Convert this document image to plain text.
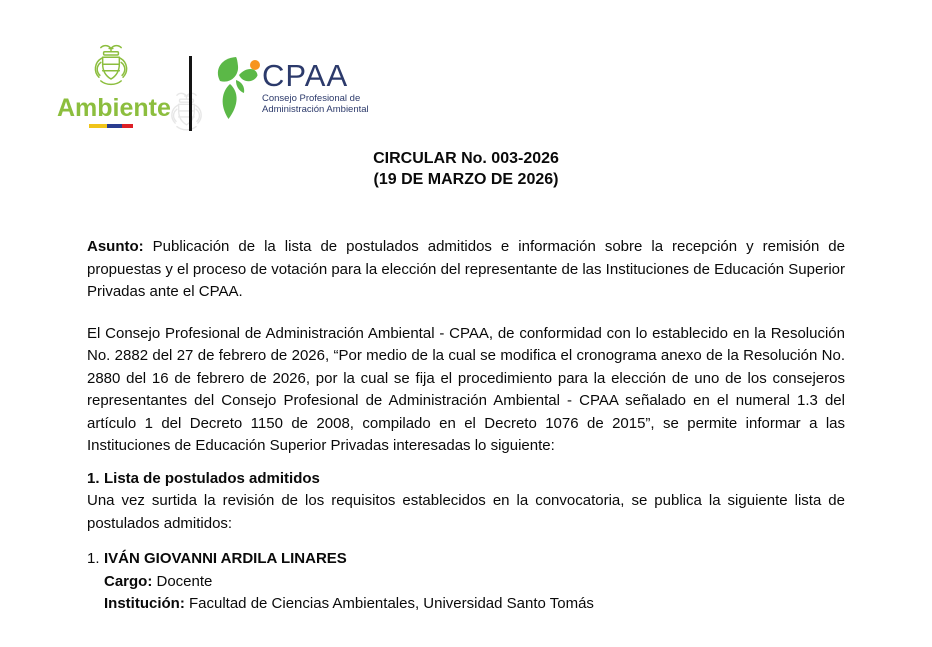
Ambiente
CPAA
Consejo Profesional de
Administración Ambiental
CIRCULAR No. 003-2026
(19 DE MARZO DE 2026)

Asunto: Publicación de la lista de postulados admitidos e información sobre la recepción y remisión de propuestas y el proceso de votación para la elección del representante de las Instituciones de Educación Superior Privadas ante el CPAA.

El Consejo Profesional de Administración Ambiental - CPAA, de conformidad con lo establecido en la Resolución No. 2882 del 27 de febrero de 2026, “Por medio de la cual se modifica el cronograma anexo de la Resolución No. 2880 del 16 de febrero de 2026, por la cual se fija el procedimiento para la elección de uno de los consejeros representantes del Consejo Profesional de Administración Ambiental - CPAA señalado en el numeral 1.3 del artículo 1 del Decreto 1150 de 2008, compilado en el Decreto 1076 de 2015”, se permite informar a las Instituciones de Educación Superior Privadas interesadas lo siguiente:

1. Lista de postulados admitidos

Una vez surtida la revisión de los requisitos establecidos en la convocatoria, se publica la siguiente lista de postulados admitidos:

1. IVÁN GIOVANNI ARDILA LINARES
Cargo: Docente
Institución: Facultad de Ciencias Ambientales, Universidad Santo Tomás
